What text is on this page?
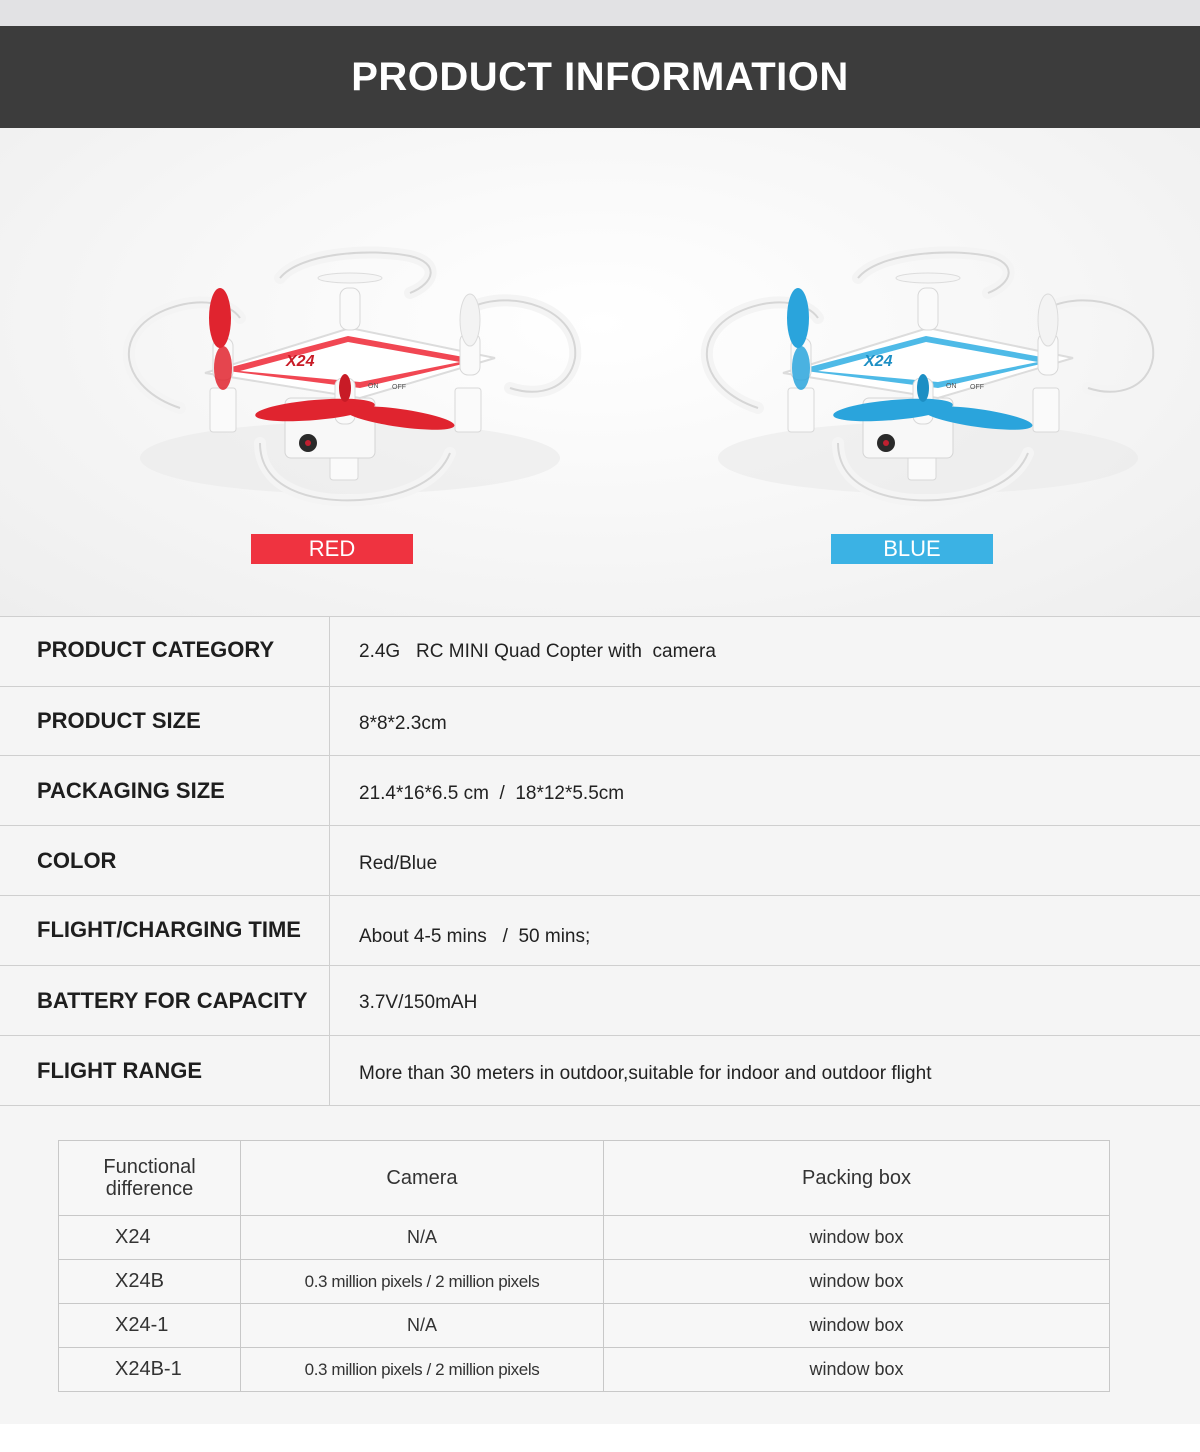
PRODUCT INFORMATION
X24
ON OFF
X24
ON OFF
RED	BLUE
PRODUCT CATEGORY	2.4G   RC MINI Quad Copter with  camera
PRODUCT SIZE	8*8*2.3cm
PACKAGING SIZE	21.4*16*6.5 cm  /  18*12*5.5cm
COLOR	Red/Blue
FLIGHT/CHARGING TIME	About 4-5 mins   /  50 mins;
BATTERY FOR CAPACITY	3.7V/150mAH
FLIGHT RANGE	More than 30 meters in outdoor,suitable for indoor and outdoor flight
Functional
difference	Camera	Packing box
X24	N/A	window box
X24B	0.3 million pixels / 2 million pixels	window box
X24-1	N/A	window box
X24B-1	0.3 million pixels / 2 million pixels	window box
